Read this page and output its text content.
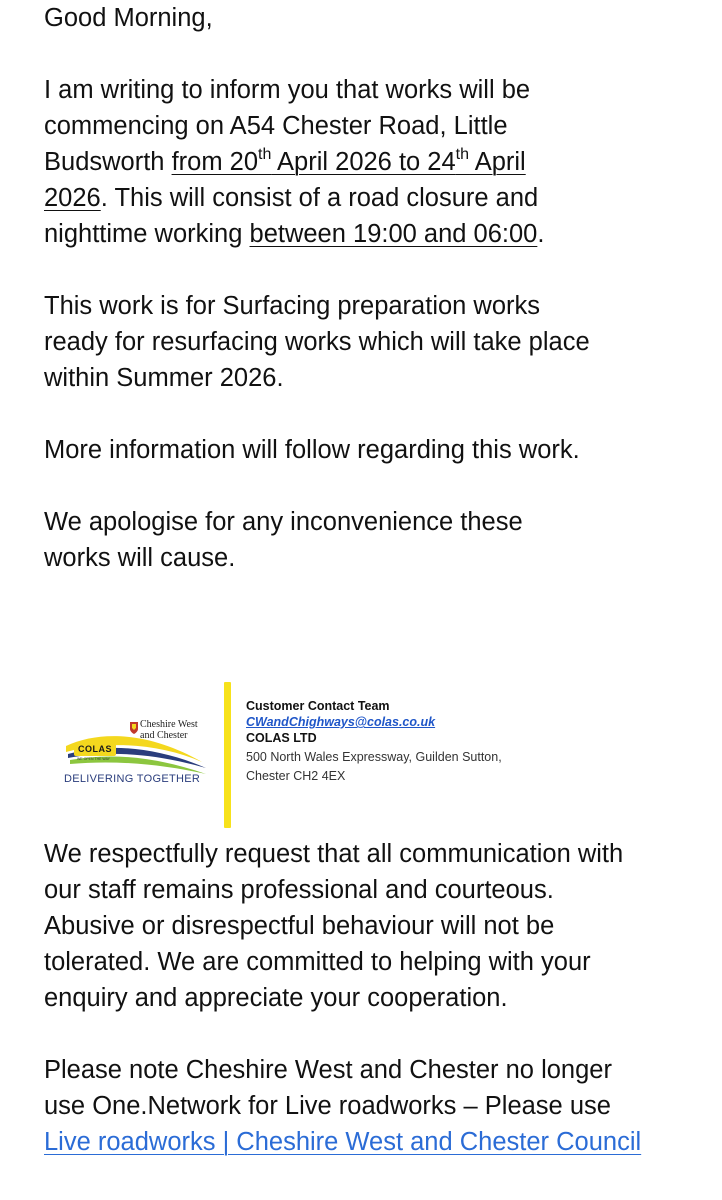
Good Morning,

I am writing to inform you that works will be
commencing on A54 Chester Road, Little
Budsworth from 20th April 2026 to 24th April
2026. This will consist of a road closure and
nighttime working between 19:00 and 06:00.

This work is for Surfacing preparation works
ready for resurfacing works which will take place
within Summer 2026.

More information will follow regarding this work.

We apologise for any inconvenience these
works will cause.

Cheshire West
and Chester
COLAS
WE OPEN THE WAY
DELIVERING TOGETHER
Customer Contact Team
CWandChighways@colas.co.uk
COLAS LTD
500 North Wales Expressway, Guilden Sutton,
Chester CH2 4EX

We respectfully request that all communication with
our staff remains professional and courteous.
Abusive or disrespectful behaviour will not be
tolerated. We are committed to helping with your
enquiry and appreciate your cooperation.

Please note Cheshire West and Chester no longer
use One.Network for Live roadworks – Please use
Live roadworks | Cheshire West and Chester Council
